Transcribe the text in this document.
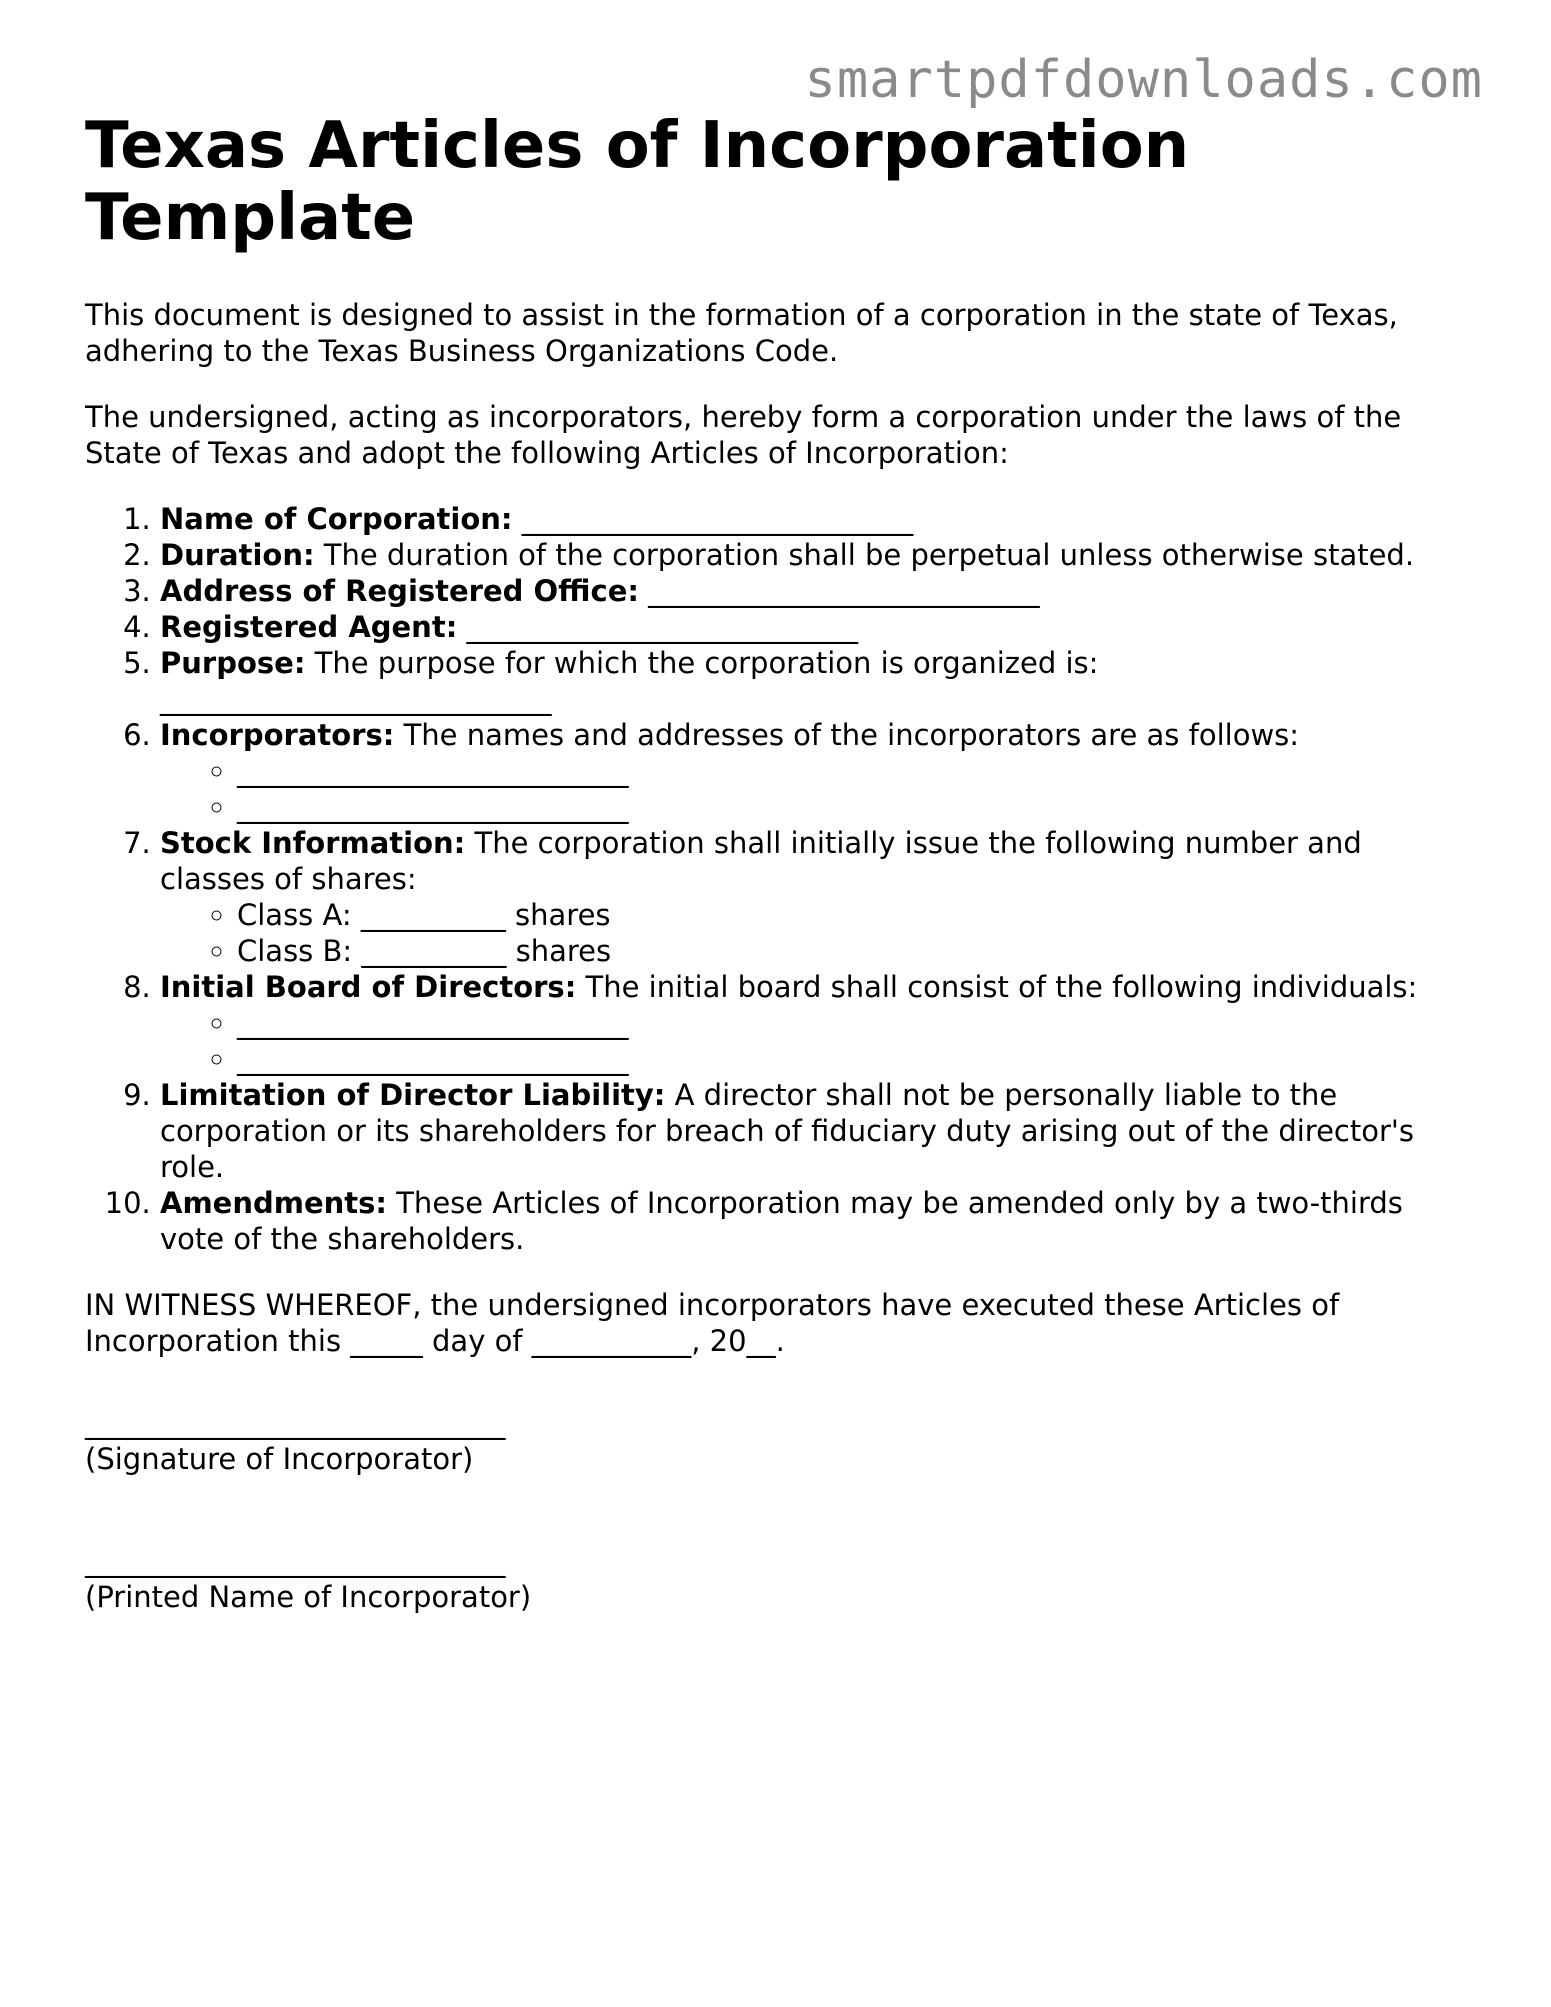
smartpdfdownloads.com
Texas Articles of Incorporation Template

This document is designed to assist in the formation of a corporation in the state of Texas, adhering to the Texas Business Organizations Code.

The undersigned, acting as incorporators, hereby form a corporation under the laws of the State of Texas and adopt the following Articles of Incorporation:

1. Name of Corporation: ___________________________
2. Duration: The duration of the corporation shall be perpetual unless otherwise stated.
3. Address of Registered Office: ___________________________
4. Registered Agent: ___________________________
5. Purpose: The purpose for which the corporation is organized is:
___________________________
6. Incorporators: The names and addresses of the incorporators are as follows:
◦ ___________________________
◦ ___________________________
7. Stock Information: The corporation shall initially issue the following number and classes of shares:
◦ Class A: __________ shares
◦ Class B: __________ shares
8. Initial Board of Directors: The initial board shall consist of the following individuals:
◦ ___________________________
◦ ___________________________
9. Limitation of Director Liability: A director shall not be personally liable to the corporation or its shareholders for breach of fiduciary duty arising out of the director's role.
10. Amendments: These Articles of Incorporation may be amended only by a two-thirds vote of the shareholders.

IN WITNESS WHEREOF, the undersigned incorporators have executed these Articles of Incorporation this _____ day of ___________, 20__.

_____________________________
(Signature of Incorporator)
_____________________________
(Printed Name of Incorporator)
